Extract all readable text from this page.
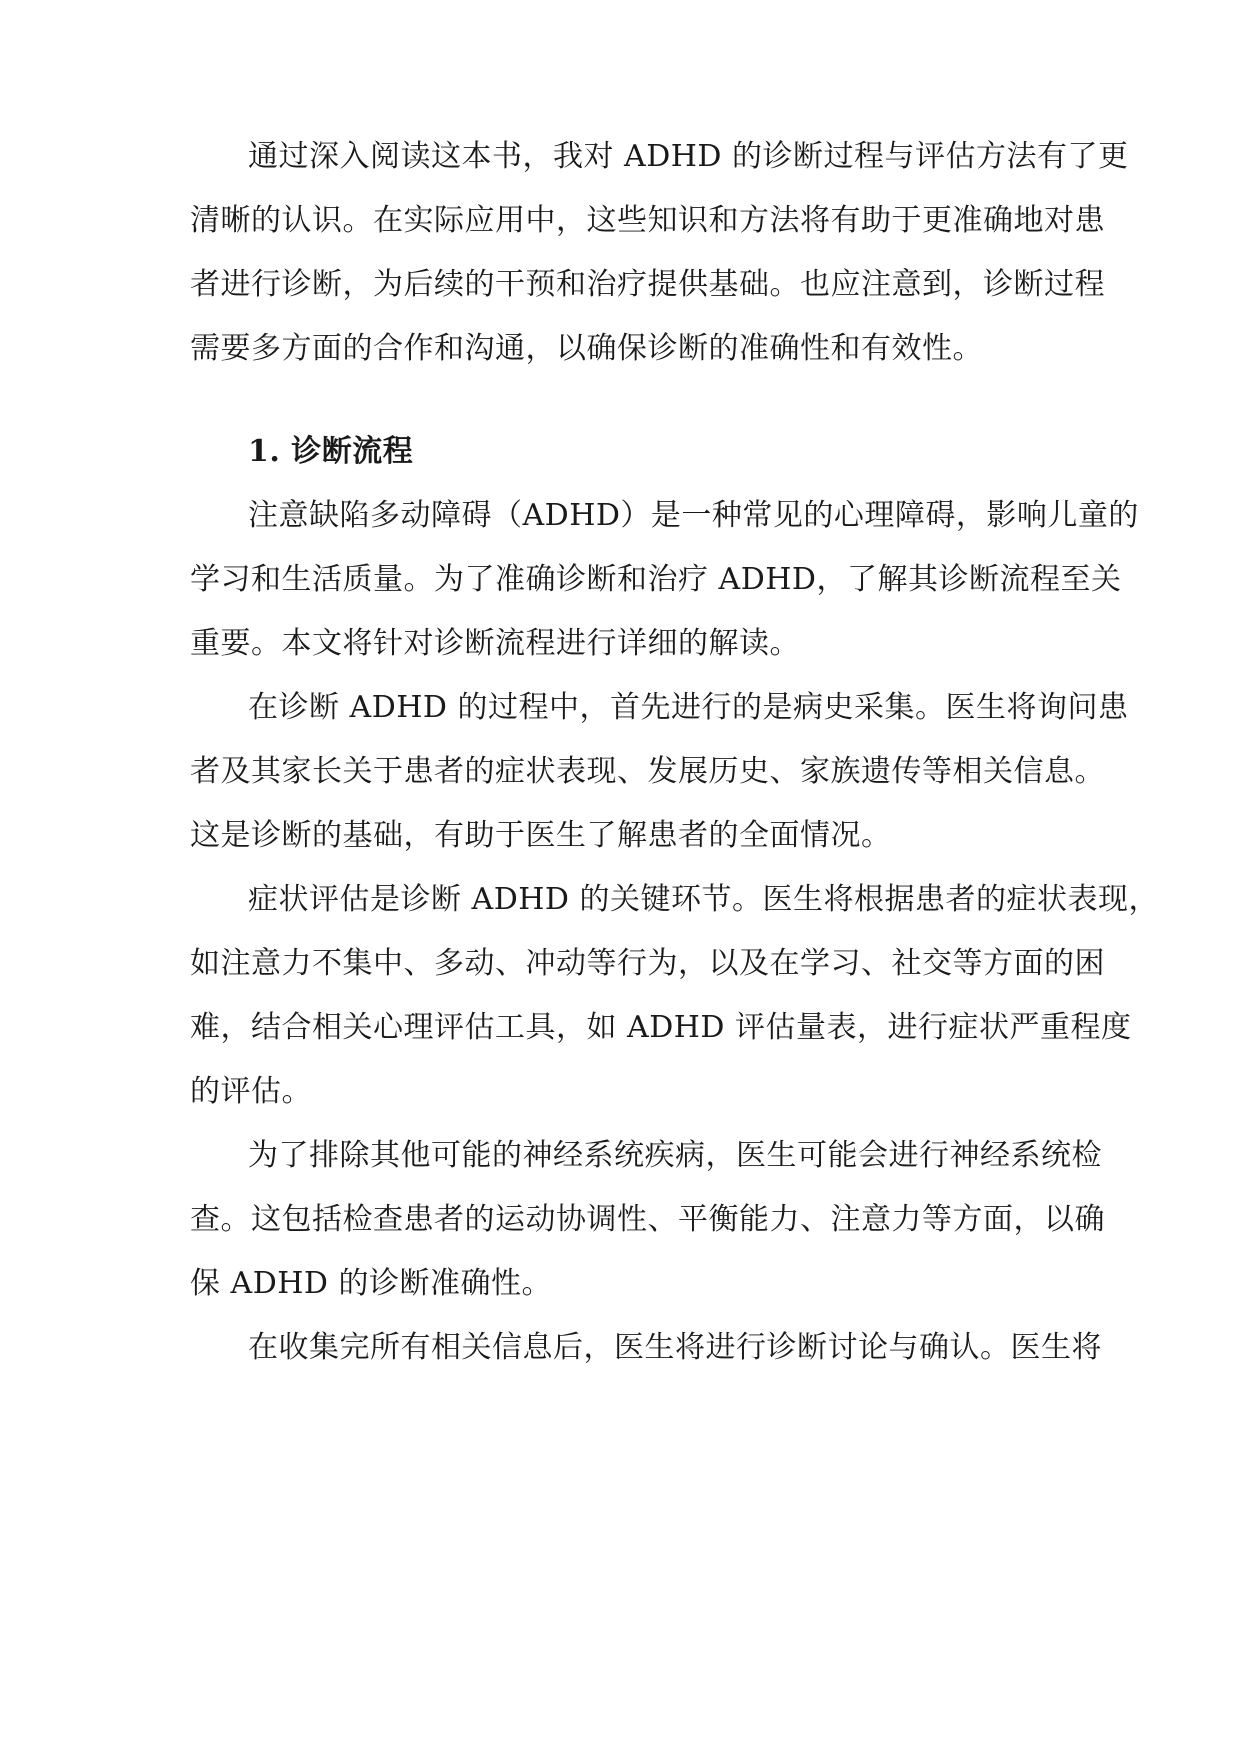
通过深入阅读这本书，我对 ADHD 的诊断过程与评估方法有了更
清晰的认识。在实际应用中，这些知识和方法将有助于更准确地对患
者进行诊断，为后续的干预和治疗提供基础。也应注意到，诊断过程
需要多方面的合作和沟通，以确保诊断的准确性和有效性。
1. 诊断流程
注意缺陷多动障碍（ADHD）是一种常见的心理障碍，影响儿童的
学习和生活质量。为了准确诊断和治疗 ADHD，了解其诊断流程至关
重要。本文将针对诊断流程进行详细的解读。
在诊断 ADHD 的过程中，首先进行的是病史采集。医生将询问患
者及其家长关于患者的症状表现、发展历史、家族遗传等相关信息。
这是诊断的基础，有助于医生了解患者的全面情况。
症状评估是诊断 ADHD 的关键环节。医生将根据患者的症状表现，
如注意力不集中、多动、冲动等行为，以及在学习、社交等方面的困
难，结合相关心理评估工具，如 ADHD 评估量表，进行症状严重程度
的评估。
为了排除其他可能的神经系统疾病，医生可能会进行神经系统检
查。这包括检查患者的运动协调性、平衡能力、注意力等方面，以确
保 ADHD 的诊断准确性。
在收集完所有相关信息后，医生将进行诊断讨论与确认。医生将
